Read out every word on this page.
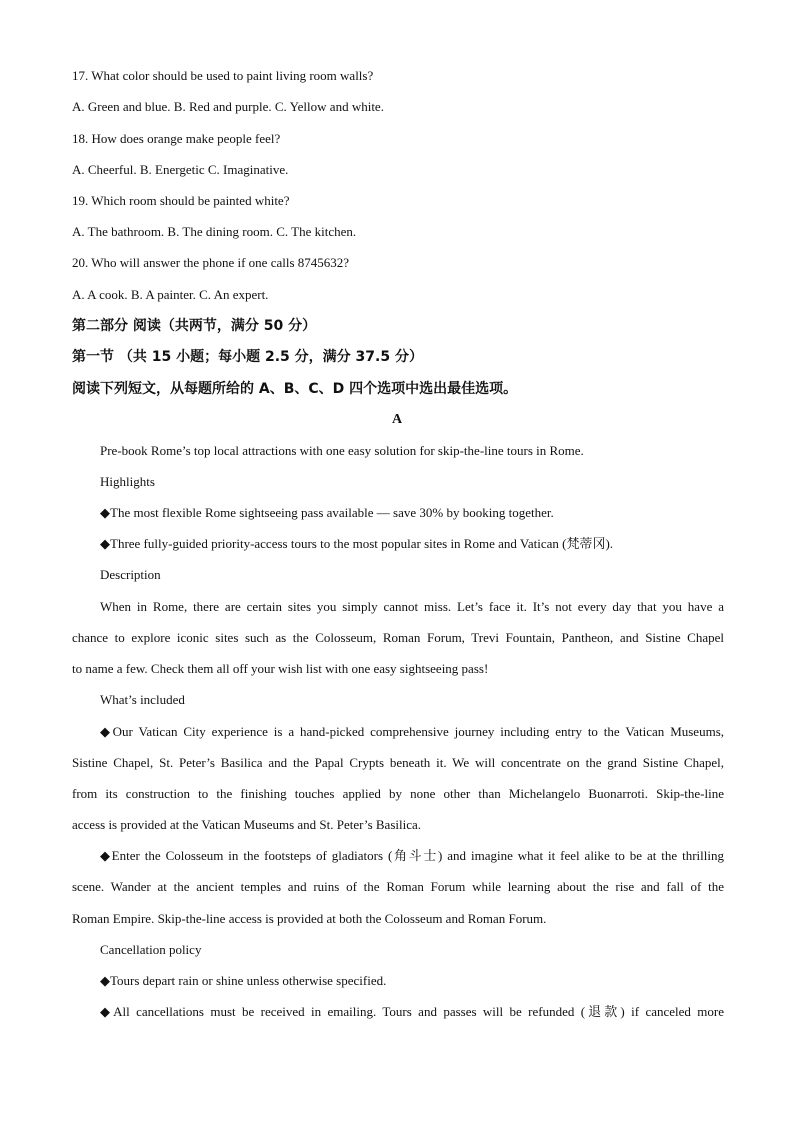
17. What color should be used to paint living room walls?
A. Green and blue. B. Red and purple. C. Yellow and white.
18. How does orange make people feel?
A. Cheerful. B. Energetic C. Imaginative.
19. Which room should be painted white?
A. The bathroom. B. The dining room. C. The kitchen.
20. Who will answer the phone if one calls 8745632?
A. A cook. B. A painter. C. An expert.
第二部分 阅读（共两节，满分 50 分）
第一节 （共 15 小题；每小题 2.5 分，满分 37.5 分）
阅读下列短文，从每题所给的 A、B、C、D 四个选项中选出最佳选项。
A
Pre-book Rome’s top local attractions with one easy solution for skip-the-line tours in Rome.
Highlights
◆The most flexible Rome sightseeing pass available — save 30% by booking together.
◆Three fully-guided priority-access tours to the most popular sites in Rome and Vatican (梵蒂冈).
Description
When in Rome, there are certain sites you simply cannot miss. Let’s face it. It’s not every day that you have a
chance to explore iconic sites such as the Colosseum, Roman Forum, Trevi Fountain, Pantheon, and Sistine Chapel
to name a few. Check them all off your wish list with one easy sightseeing pass!
What’s included
◆Our Vatican City experience is a hand-picked comprehensive journey including entry to the Vatican Museums,
Sistine Chapel, St. Peter’s Basilica and the Papal Crypts beneath it. We will concentrate on the grand Sistine Chapel,
from its construction to the finishing touches applied by none other than Michelangelo Buonarroti. Skip-the-line
access is provided at the Vatican Museums and St. Peter’s Basilica.
◆Enter the Colosseum in the footsteps of gladiators (角斗士) and imagine what it feel alike to be at the thrilling
scene. Wander at the ancient temples and ruins of the Roman Forum while learning about the rise and fall of the
Roman Empire. Skip-the-line access is provided at both the Colosseum and Roman Forum.
Cancellation policy
◆Tours depart rain or shine unless otherwise specified.
◆All cancellations must be received in emailing. Tours and passes will be refunded (退款) if canceled more
